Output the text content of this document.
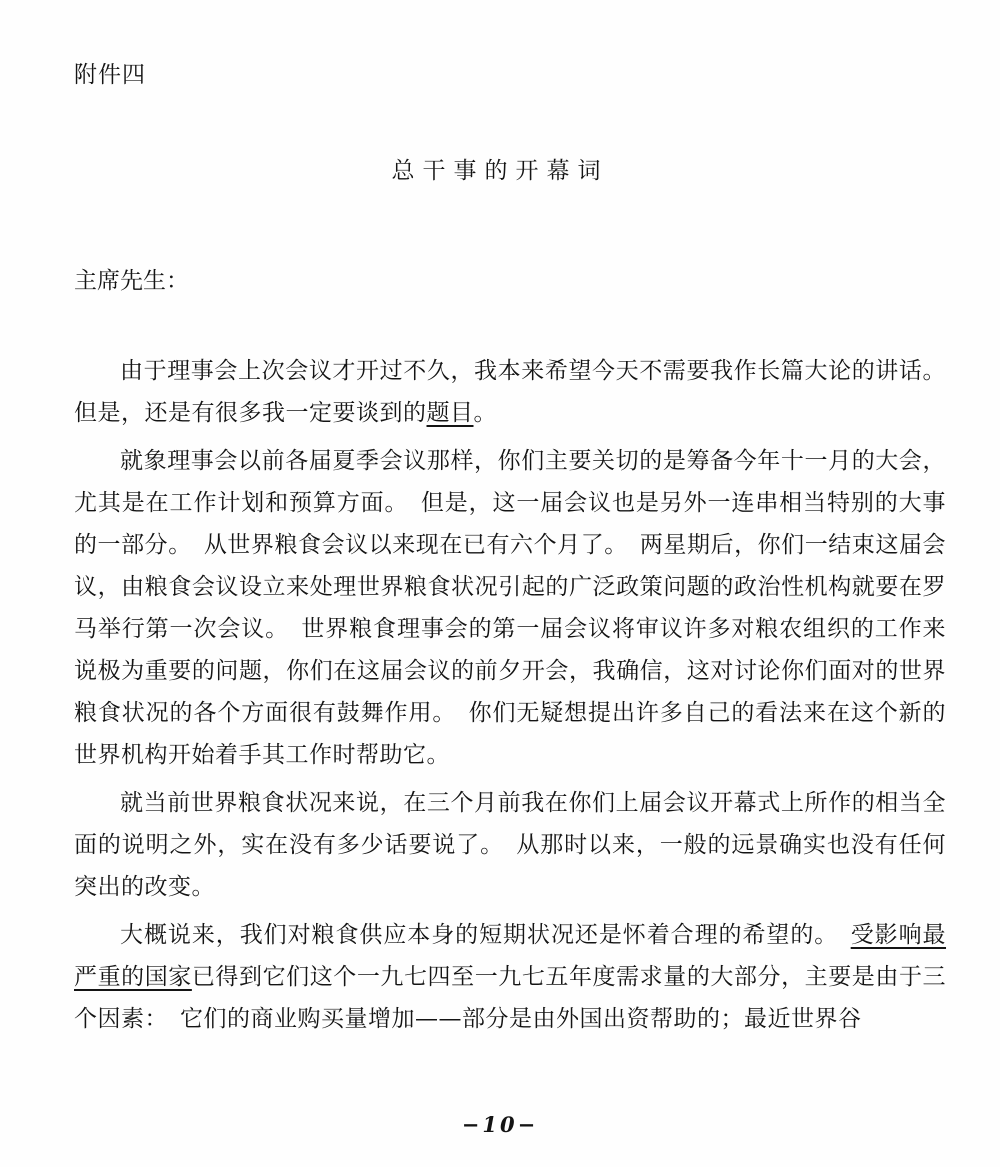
附件四
总干事的开幕词

主席先生：

由于理事会上次会议才开过不久，我本来希望今天不需要我作长篇大论的讲话。但是，还是有很多我一定要谈到的题目。

就象理事会以前各届夏季会议那样，你们主要关切的是筹备今年十一月的大会，尤其是在工作计划和预算方面。　但是，这一届会议也是另外一连串相当特别的大事的一部分。　从世界粮食会议以来现在已有六个月了。　两星期后，你们一结束这届会议，由粮食会议设立来处理世界粮食状况引起的广泛政策问题的政治性机构就要在罗马举行第一次会议。　世界粮食理事会的第一届会议将审议许多对粮农组织的工作来说极为重要的问题，你们在这届会议的前夕开会，我确信，这对讨论你们面对的世界粮食状况的各个方面很有鼓舞作用。　你们无疑想提出许多自己的看法来在这个新的世界机构开始着手其工作时帮助它。

就当前世界粮食状况来说，在三个月前我在你们上届会议开幕式上所作的相当全面的说明之外，实在没有多少话要说了。　从那时以来，一般的远景确实也没有任何突出的改变。

大概说来，我们对粮食供应本身的短期状况还是怀着合理的希望的。　受影响最严重的国家已得到它们这个一九七四至一九七五年度需求量的大部分，主要是由于三个因素：　它们的商业购买量增加——部分是由外国出资帮助的；最近世界谷

−10−
